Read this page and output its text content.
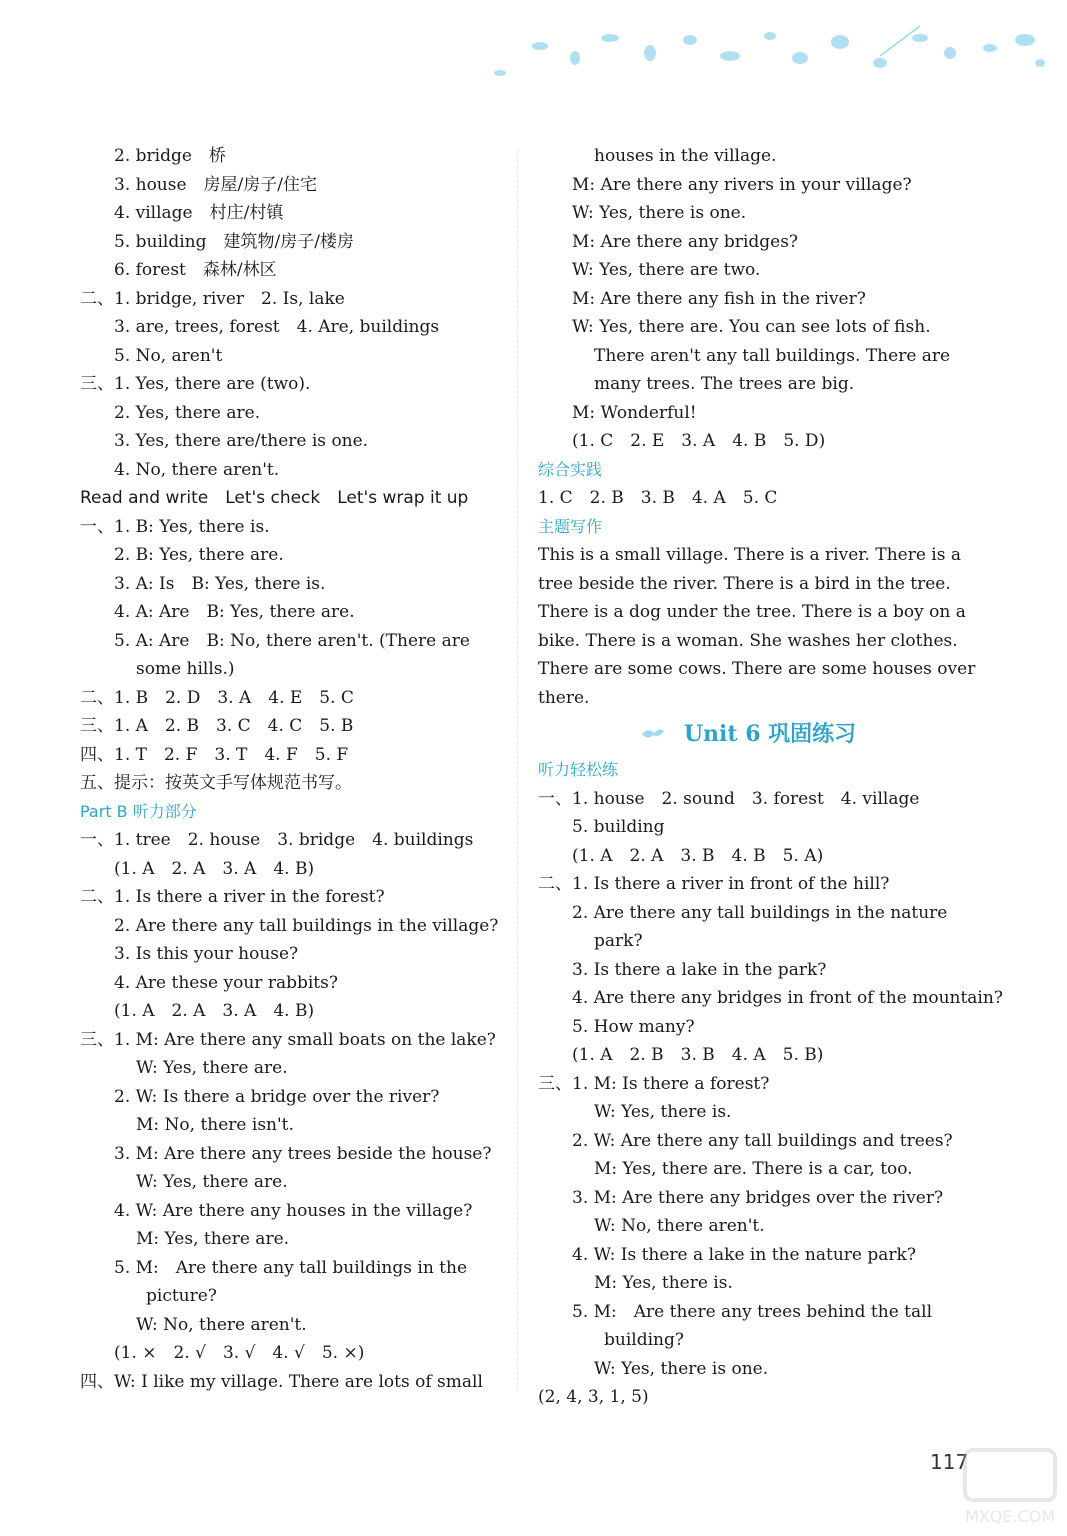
2. bridge　桥
3. house　房屋/房子/住宅
4. village　村庄/村镇
5. building　建筑物/房子/楼房
6. forest　森林/林区
二、1. bridge, river　2. Is, lake
3. are, trees, forest　4. Are, buildings
5. No, aren't
三、1. Yes, there are (two).
2. Yes, there are.
3. Yes, there are/there is one.
4. No, there aren't.
Read and write　Let's check　Let's wrap it up
一、1. B: Yes, there is.
2. B: Yes, there are.
3. A: Is　B: Yes, there is.
4. A: Are　B: Yes, there are.
5. A: Are　B: No, there aren't. (There are
some hills.)
二、1. B　2. D　3. A　4. E　5. C
三、1. A　2. B　3. C　4. C　5. B
四、1. T　2. F　3. T　4. F　5. F
五、提示：按英文手写体规范书写。
Part B 听力部分
一、1. tree　2. house　3. bridge　4. buildings
(1. A　2. A　3. A　4. B)
二、1. Is there a river in the forest?
2. Are there any tall buildings in the village?
3. Is this your house?
4. Are these your rabbits?
(1. A　2. A　3. A　4. B)
三、1. M: Are there any small boats on the lake?
W: Yes, there are.
2. W: Is there a bridge over the river?
M: No, there isn't.
3. M: Are there any trees beside the house?
W: Yes, there are.
4. W: Are there any houses in the village?
M: Yes, there are.
5. M:　Are there any tall buildings in the
picture?
W: No, there aren't.
(1. ×　2. √　3. √　4. √　5. ×)
四、W: I like my village. There are lots of small
houses in the village.
M: Are there any rivers in your village?
W: Yes, there is one.
M: Are there any bridges?
W: Yes, there are two.
M: Are there any fish in the river?
W: Yes, there are. You can see lots of fish.
There aren't any tall buildings. There are
many trees. The trees are big.
M: Wonderful!
(1. C　2. E　3. A　4. B　5. D)
综合实践
1. C　2. B　3. B　4. A　5. C
主题写作
This is a small village. There is a river. There is a
tree beside the river. There is a bird in the tree.
There is a dog under the tree. There is a boy on a
bike. There is a woman. She washes her clothes.
There are some cows. There are some houses over
there.
Unit 6 巩固练习
听力轻松练
一、1. house　2. sound　3. forest　4. village
5. building
(1. A　2. A　3. B　4. B　5. A)
二、1. Is there a river in front of the hill?
2. Are there any tall buildings in the nature
park?
3. Is there a lake in the park?
4. Are there any bridges in front of the mountain?
5. How many?
(1. A　2. B　3. B　4. A　5. B)
三、1. M: Is there a forest?
W: Yes, there is.
2. W: Are there any tall buildings and trees?
M: Yes, there are. There is a car, too.
3. M: Are there any bridges over the river?
W: No, there aren't.
4. W: Is there a lake in the nature park?
M: Yes, there is.
5. M:　Are there any trees behind the tall
building?
W: Yes, there is one.
(2, 4, 3, 1, 5)
117
MXQE.COM
